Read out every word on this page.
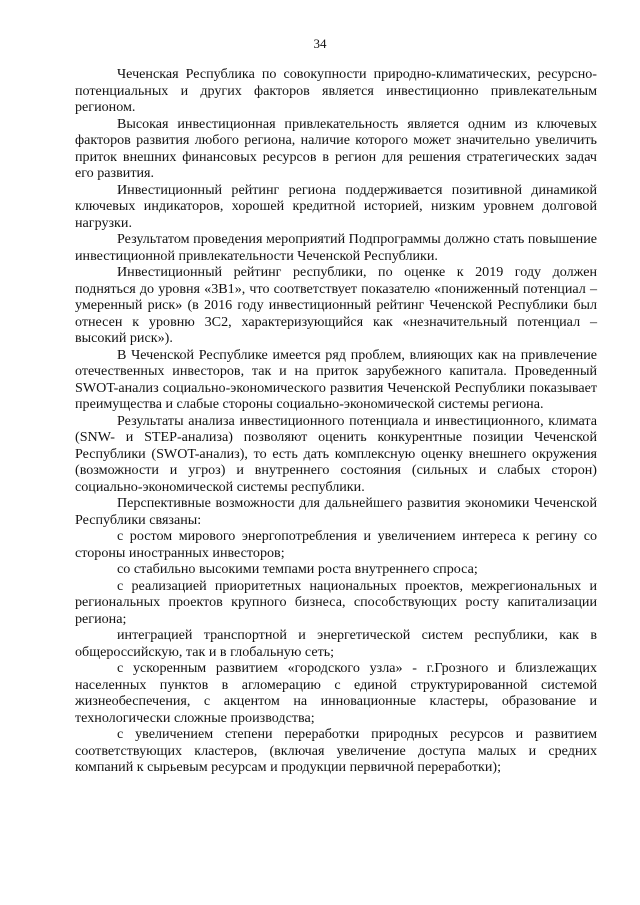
34

Чеченская Республика по совокупности природно-климатических, ресурсно-потенциальных и других факторов является инвестиционно привлекательным регионом.

Высокая инвестиционная привлекательность является одним из ключевых факторов развития любого региона, наличие которого может значительно увеличить приток внешних финансовых ресурсов в регион для решения стратегических задач его развития.

Инвестиционный рейтинг региона поддерживается позитивной динамикой ключевых индикаторов, хорошей кредитной историей, низким уровнем долговой нагрузки.

Результатом проведения мероприятий Подпрограммы должно стать повышение инвестиционной привлекательности Чеченской Республики.

Инвестиционный рейтинг республики, по оценке к 2019 году должен подняться до уровня «3В1», что соответствует показателю «пониженный потенциал – умеренный риск» (в 2016 году инвестиционный рейтинг Чеченской Республики был отнесен к уровню 3С2, характеризующийся как «незначительный потенциал – высокий риск»).

В Чеченской Республике имеется ряд проблем, влияющих как на привлечение отечественных инвесторов, так и на приток зарубежного капитала. Проведенный SWOT-анализ социально-экономического развития Чеченской Республики показывает преимущества и слабые стороны социально-экономической системы региона.

Результаты анализа инвестиционного потенциала и инвестиционного, климата (SNW- и STEP-анализа) позволяют оценить конкурентные позиции Чеченской Республики (SWOT-анализ), то есть дать комплексную оценку внешнего окружения (возможности и угроз) и внутреннего состояния (сильных и слабых сторон) социально-экономической системы республики.

Перспективные возможности для дальнейшего развития экономики Чеченской Республики связаны:

с ростом мирового энергопотребления и увеличением интереса к регину со стороны иностранных инвесторов;

со стабильно высокими темпами роста внутреннего спроса;

с реализацией приоритетных национальных проектов, межрегиональных и региональных проектов крупного бизнеса, способствующих росту капитализации региона;

интеграцией транспортной и энергетической систем республики, как в общероссийскую, так и в глобальную сеть;

с ускоренным развитием «городского узла» - г.Грозного и близлежащих населенных пунктов в агломерацию с единой структурированной системой жизнеобеспечения, с акцентом на инновационные кластеры, образование и технологически сложные производства;

с увеличением степени переработки природных ресурсов и развитием соответствующих кластеров, (включая увеличение доступа малых и средних компаний к сырьевым ресурсам и продукции первичной переработки);
